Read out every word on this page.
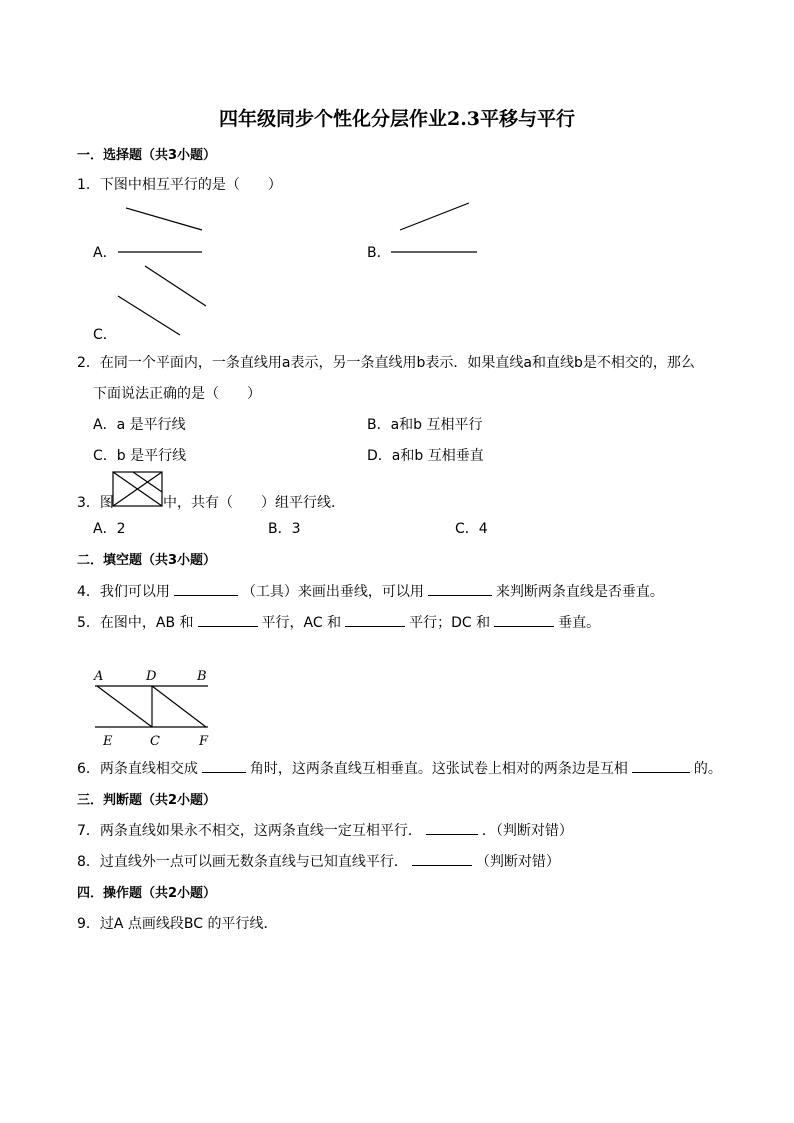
四年级同步个性化分层作业2.3平移与平行
一．选择题（共3小题）
1．下图中相互平行的是（　　）
A．	B．
C．
2．在同一个平面内，一条直线用a表示，另一条直线用b表示．如果直线a和直线b是不相交的，那么
下面说法正确的是（　　）
A．a 是平行线	B．a和b 互相平行
C．b 是平行线	D．a和b 互相垂直
3．图	中，共有（　　）组平行线．
A．2	B．3	C．4
二．填空题（共3小题）
4．我们可以用	（工具）来画出垂线，可以用	来判断两条直线是否垂直。
5．在图中，AB 和	平行，AC 和	平行；DC 和	垂直。
A	D	B
E	C	F
6．两条直线相交成	角时，这两条直线互相垂直。这张试卷上相对的两条边是互相	的。
三．判断题（共2小题）
7．两条直线如果永不相交，这两条直线一定互相平行．	．（判断对错）
8．过直线外一点可以画无数条直线与已知直线平行．	（判断对错）
四．操作题（共2小题）
9．过A 点画线段BC 的平行线．
